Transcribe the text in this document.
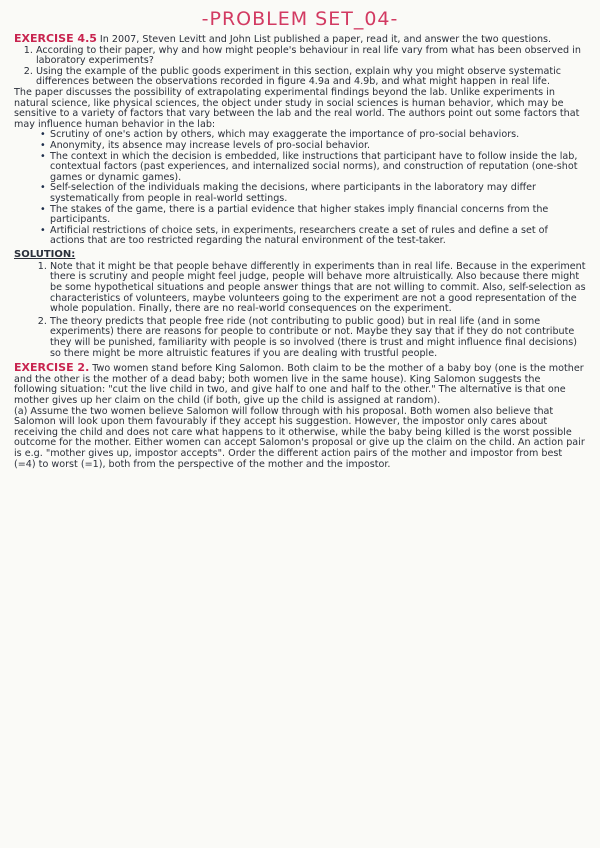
-PROBLEM SET_04-

EXERCISE 4.5 In 2007, Steven Levitt and John List published a paper, read it, and answer the two questions.

1. According to their paper, why and how might people's behaviour in real life vary from what has been observed in laboratory experiments?
2. Using the example of the public goods experiment in this section, explain why you might observe systematic differences between the observations recorded in figure 4.9a and 4.9b, and what might happen in real life.

The paper discusses the possibility of extrapolating experimental findings beyond the lab. Unlike experiments in natural science, like physical sciences, the object under study in social sciences is human behavior, which may be sensitive to a variety of factors that vary between the lab and the real world. The authors point out some factors that may influence human behavior in the lab:

• Scrutiny of one's action by others, which may exaggerate the importance of pro-social behaviors.
• Anonymity, its absence may increase levels of pro-social behavior.
• The context in which the decision is embedded, like instructions that participant have to follow inside the lab, contextual factors (past experiences, and internalized social norms), and construction of reputation (one-shot games or dynamic games).
• Self-selection of the individuals making the decisions, where participants in the laboratory may differ systematically from people in real-world settings.
• The stakes of the game, there is a partial evidence that higher stakes imply financial concerns from the participants.
• Artificial restrictions of choice sets, in experiments, researchers create a set of rules and define a set of actions that are too restricted regarding the natural environment of the test-taker.
SOLUTION:
1. Note that it might be that people behave differently in experiments than in real life. Because in the experiment there is scrutiny and people might feel judge, people will behave more altruistically. Also because there might be some hypothetical situations and people answer things that are not willing to commit. Also, self-selection as characteristics of volunteers, maybe volunteers going to the experiment are not a good representation of the whole population. Finally, there are no real-world consequences on the experiment.
2. The theory predicts that people free ride (not contributing to public good) but in real life (and in some experiments) there are reasons for people to contribute or not. Maybe they say that if they do not contribute they will be punished, familiarity with people is so involved (there is trust and might influence final decisions) so there might be more altruistic features if you are dealing with trustful people.

EXERCISE 2. Two women stand before King Salomon. Both claim to be the mother of a baby boy (one is the mother and the other is the mother of a dead baby; both women live in the same house). King Salomon suggests the following situation: "cut the live child in two, and give half to one and half to the other." The alternative is that one mother gives up her claim on the child (if both, give up the child is assigned at random).

(a) Assume the two women believe Salomon will follow through with his proposal. Both women also believe that Salomon will look upon them favourably if they accept his suggestion. However, the impostor only cares about receiving the child and does not care what happens to it otherwise, while the baby being killed is the worst possible outcome for the mother. Either women can accept Salomon's proposal or give up the claim on the child. An action pair is e.g. "mother gives up, impostor accepts". Order the different action pairs of the mother and impostor from best (=4) to worst (=1), both from the perspective of the mother and the impostor.
